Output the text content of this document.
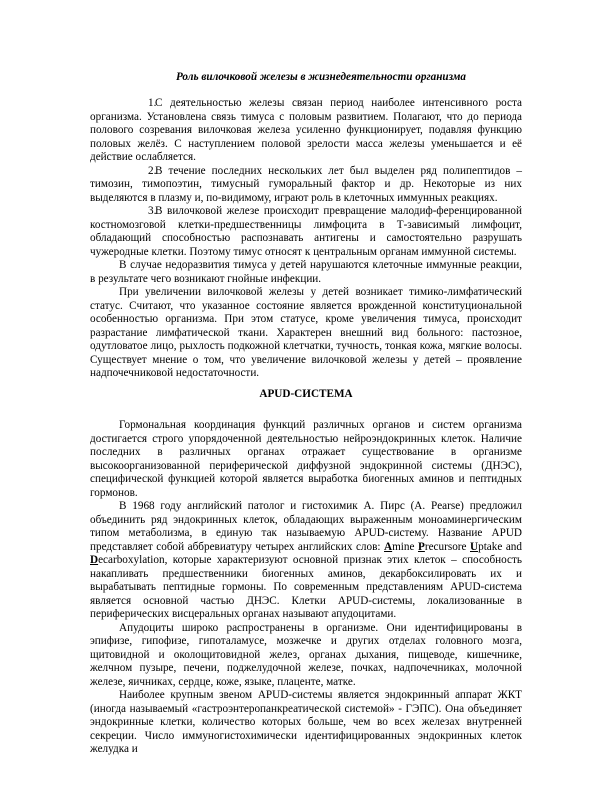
Роль вилочковой железы в жизнедеятельности организма

1.С деятельностью железы связан период наиболее интенсивного роста организма. Установлена связь тимуса с половым развитием. Полагают, что до периода полового созревания вилочковая железа усиленно функционирует, подавляя функцию половых желёз. С наступлением половой зрелости масса железы уменьшается и её действие ослабляется.

2.В течение последних нескольких лет был выделен ряд полипептидов – тимозин, тимопоэтин, тимусный гуморальный фактор и др. Некоторые из них выделяются в плазму и, по-видимому, играют роль в клеточных иммунных реакциях.

3.В вилочковой железе происходит превращение малодиф-ференцированной костномозговой клетки-предшественницы лимфоцита в Т-зависимый лимфоцит, обладающий способностью распознавать антигены и самостоятельно разрушать чужеродные клетки. Поэтому тимус относят к центральным органам иммунной системы.

В случае недоразвития тимуса у детей нарушаются клеточные иммунные реакции, в результате чего возникают гнойные инфекции.

При увеличении вилочковой железы у детей возникает тимико-лимфатический статус. Считают, что указанное состояние является врожденной конституциональной особенностью организма. При этом статусе, кроме увеличения тимуса, происходит разрастание лимфатической ткани. Характерен внешний вид больного: пастозное, одутловатое лицо, рыхлость подкожной клетчатки, тучность, тонкая кожа, мягкие волосы. Существует мнение о том, что увеличение вилочковой железы у детей – проявление надпочечниковой недостаточности.

APUD-СИСТЕМА

Гормональная координация функций различных органов и систем организма достигается строго упорядоченной деятельностью нейроэндокринных клеток. Наличие последних в различных органах отражает существование в организме высокоорганизованной периферической диффузной эндокринной системы (ДНЭС), специфической функцией которой является выработка биогенных аминов и пептидных гормонов.

В 1968 году английский патолог и гистохимик А. Пирс (A. Pearse) предложил объединить ряд эндокринных клеток, обладающих выраженным моноаминергическим типом метаболизма, в единую так называемую APUD-систему. Название APUD представляет собой аббревиатуру четырех английских слов: Amine Precursore Uptake and Decarboxylation, которые характеризуют основной признак этих клеток – способность накапливать предшественники биогенных аминов, декарбоксилировать их и вырабатывать пептидные гормоны. По современным представлениям APUD-система является основной частью ДНЭС. Клетки APUD-системы, локализованные в периферических висцеральных органах называют апудоцитами.

Апудоциты широко распространены в организме. Они идентифицированы в эпифизе, гипофизе, гипоталамусе, мозжечке и других отделах головного мозга, щитовидной и околощитовидной желез, органах дыхания, пищеводе, кишечнике, желчном пузыре, печени, поджелудочной железе, почках, надпочечниках, молочной железе, яичниках, сердце, коже, языке, плаценте, матке.

Наиболее крупным звеном APUD-системы является эндокринный аппарат ЖКТ (иногда называемый «гастроэнтеропанкреатической системой» - ГЭПС). Она объединяет эндокринные клетки, количество которых больше, чем во всех железах внутренней секреции. Число иммуногистохимически идентифицированных эндокринных клеток желудка и
